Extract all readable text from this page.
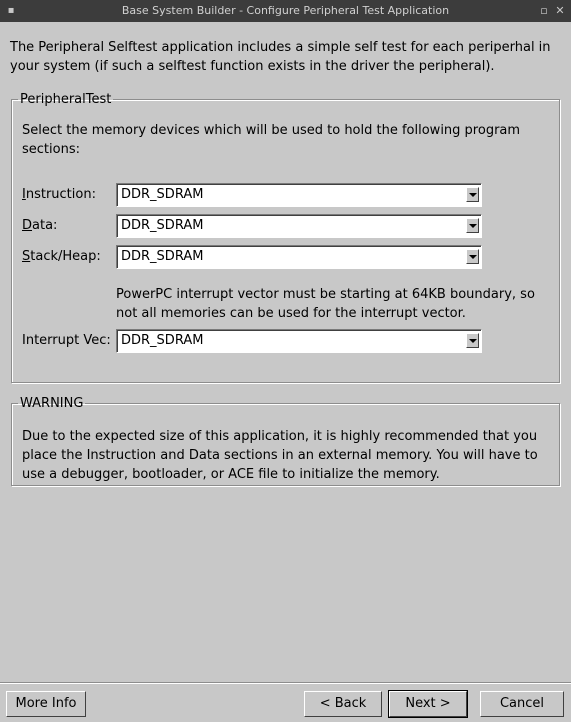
▪	Base System Builder - Configure Peripheral Test Application	▫ ✕
The Peripheral Selftest application includes a simple self test for each periperhal in your system (if such a selftest function exists in the driver the peripheral).
PeripheralTest
Select the memory devices which will be used to hold the following program sections:
Instruction: DDR_SDRAM
Data:	DDR_SDRAM
Stack/Heap: DDR_SDRAM
PowerPC interrupt vector must be starting at 64KB boundary, so not all memories can be used for the interrupt vector.
Interrupt Vec: DDR_SDRAM
WARNING
Due to the expected size of this application, it is highly recommended that you place the Instruction and Data sections in an external memory. You will have to use a debugger, bootloader, or ACE file to initialize the memory.
More Info	< Back	Next >	Cancel
